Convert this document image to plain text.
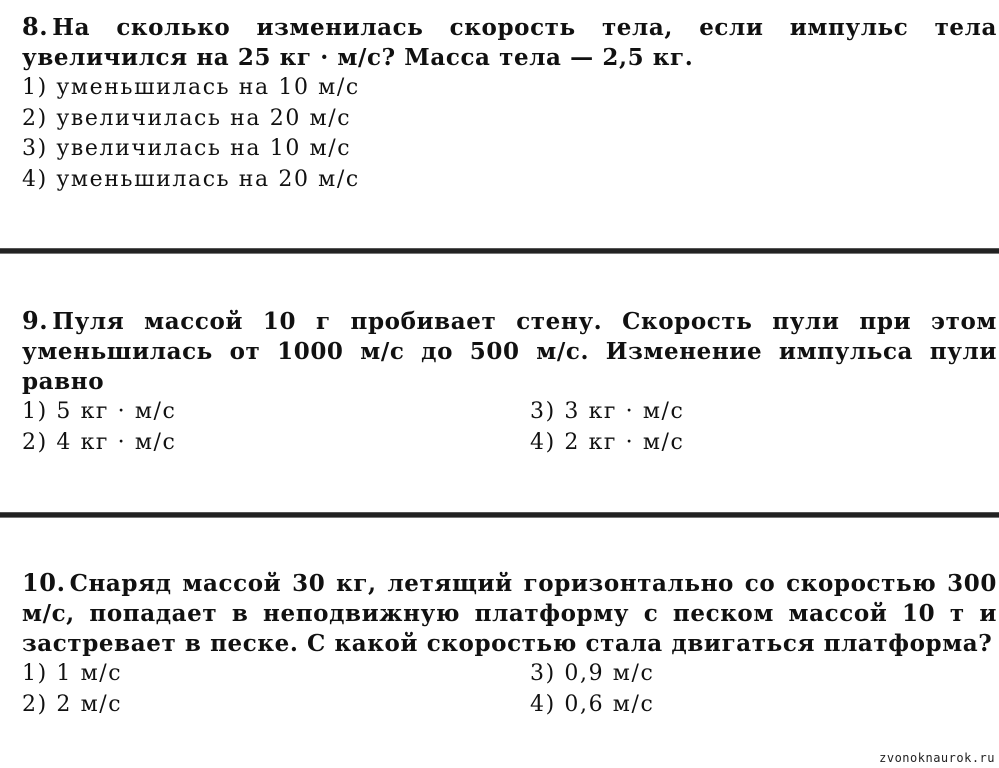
8. На сколько изменилась скорость тела, если импульс тела увеличился на 25 кг · м/с? Масса тела — 2,5 кг.

1) уменьшилась на 10 м/с
2) увеличилась на 20 м/с
3) увеличилась на 10 м/с
4) уменьшилась на 20 м/с

9. Пуля массой 10 г пробивает стену. Скорость пули при этом уменьшилась от 1000 м/с до 500 м/с. Изменение импульса пули равно

1) 5 кг · м/с	3) 3 кг · м/с
2) 4 кг · м/с	4) 2 кг · м/с

10. Снаряд массой 30 кг, летящий горизонтально со скоростью 300 м/с, попадает в неподвижную платформу с песком массой 10 т и застревает в песке. С какой скоростью стала двигаться платформа?

1) 1 м/с	3) 0,9 м/с
2) 2 м/с	4) 0,6 м/с
zvonoknaurok.ru
